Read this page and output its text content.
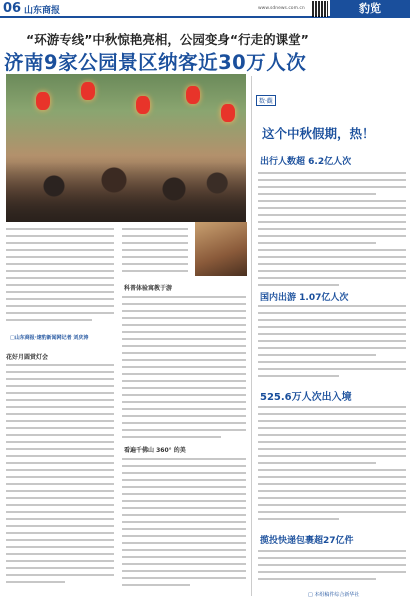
06 山东商报	www.sdnews.com.cn	豹览
“环游专线”中秋惊艳亮相，公园变身“行走的课堂”
济南9家公园景区纳客近30万人次
数·觀
这个中秋假期，热！
出行人数超 6.2亿人次
国内出游 1.07亿人次
525.6万人次出入境
揽投快递包裹超27亿件
□山东商报·速豹新闻网记者 刘庆涛
花好月圆赏灯会
科普体验寓教于游
看遍千佛山 360° 的美
□ 本组稿件综合新华社
